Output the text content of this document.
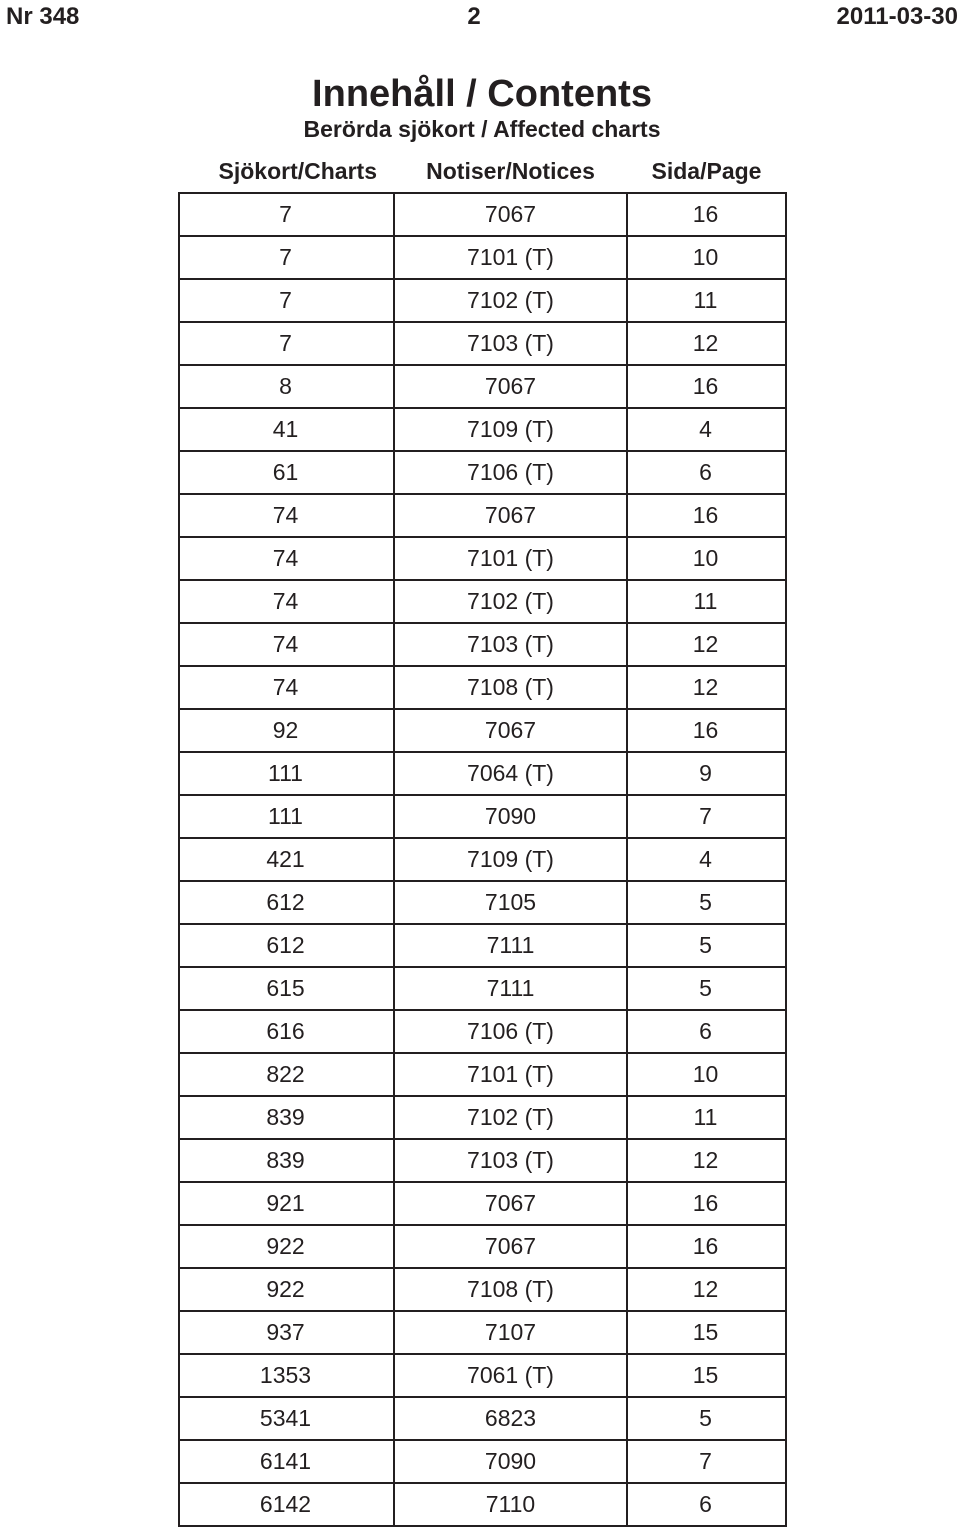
Nr 348	2	2011-03-30
Innehåll / Contents
Berörda sjökort / Affected charts
Sjökort/Charts	Notiser/Notices	Sida/Page
7	7067	16
7	7101 (T)	10
7	7102 (T)	11
7	7103 (T)	12
8	7067	16
41	7109 (T)	4
61	7106 (T)	6
74	7067	16
74	7101 (T)	10
74	7102 (T)	11
74	7103 (T)	12
74	7108 (T)	12
92	7067	16
111	7064 (T)	9
111	7090	7
421	7109 (T)	4
612	7105	5
612	7111	5
615	7111	5
616	7106 (T)	6
822	7101 (T)	10
839	7102 (T)	11
839	7103 (T)	12
921	7067	16
922	7067	16
922	7108 (T)	12
937	7107	15
1353	7061 (T)	15
5341	6823	5
6141	7090	7
6142	7110	6
